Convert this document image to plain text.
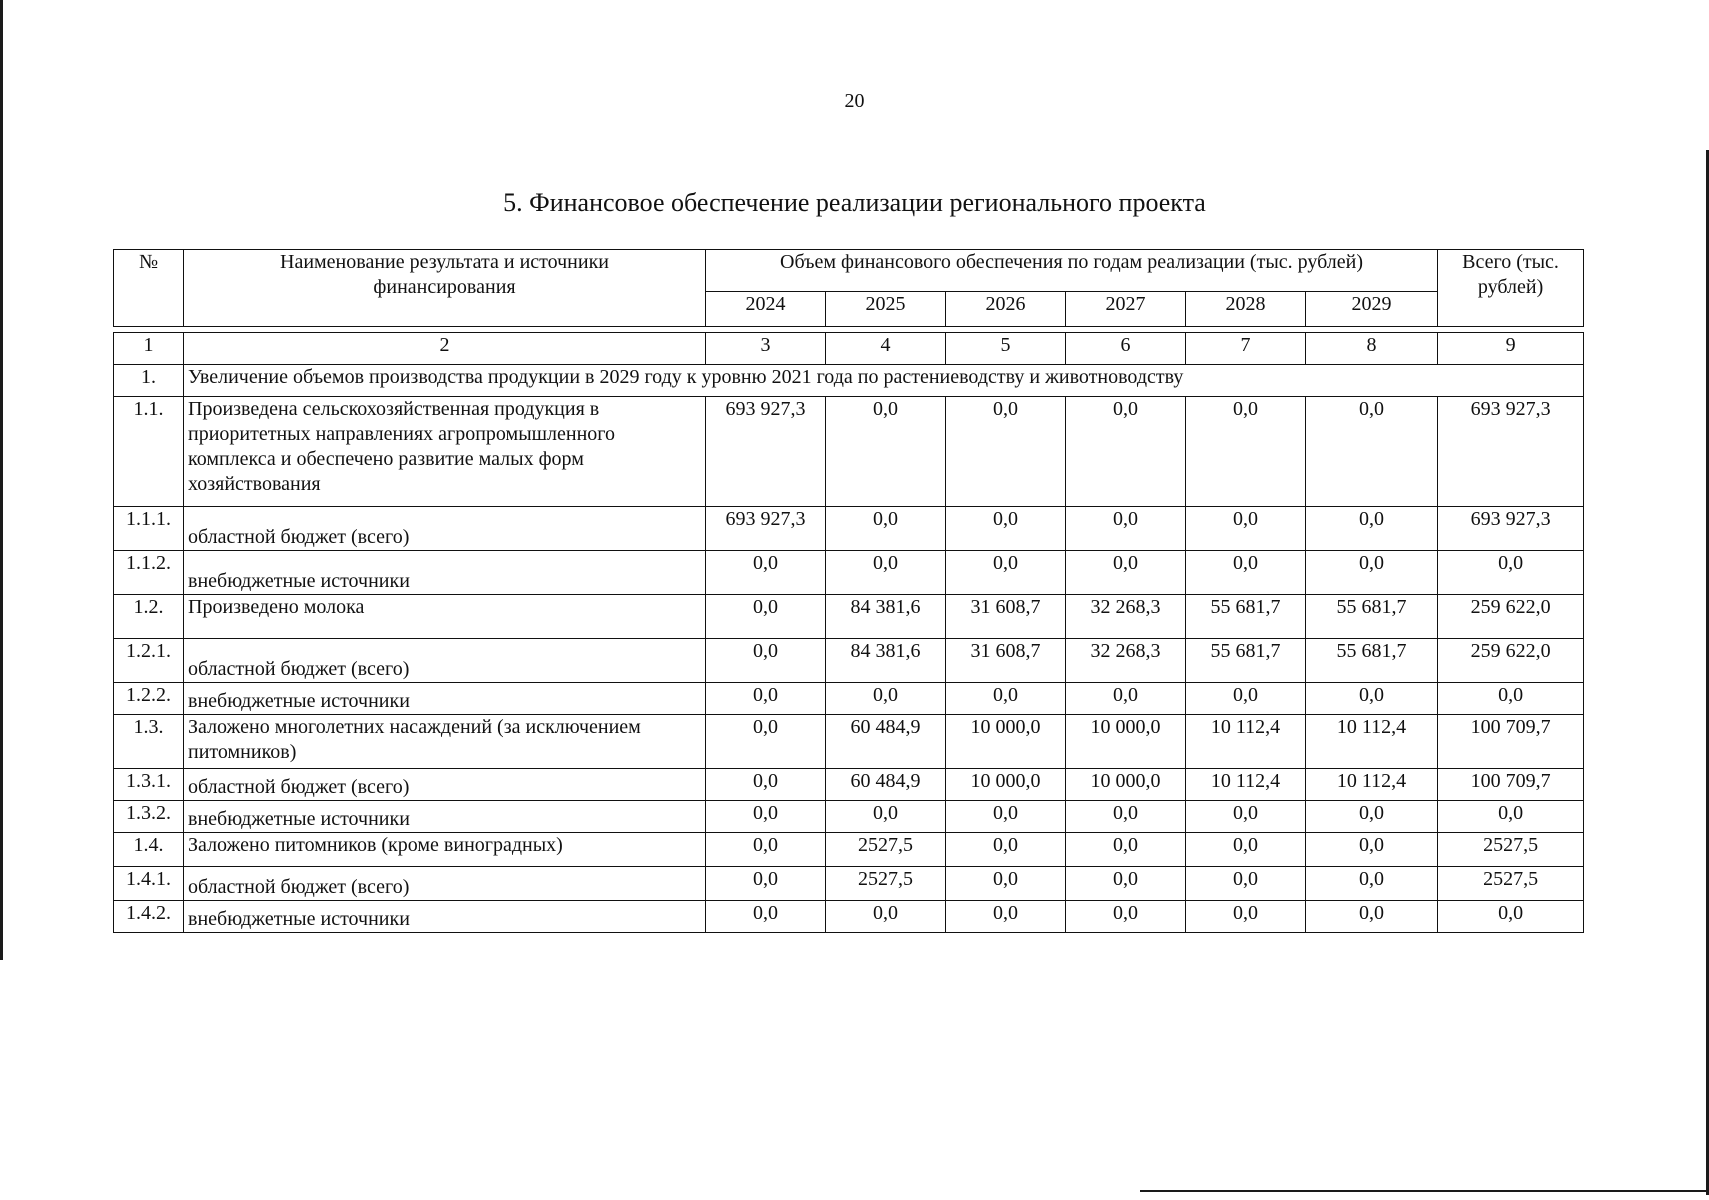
20
5. Финансовое обеспечение реализации регионального проекта
№	Наименование результата и источники финансирования	Объем финансового обеспечения по годам реализации (тыс. рублей)						Всего (тыс. рублей)
		2024	2025	2026	2027	2028	2029	

1	2	3	4	5	6	7	8	9
1.	Увеличение объемов производства продукции в 2029 году к уровню 2021 года по растениеводству и животноводству							
1.1.	Произведена сельскохозяйственная продукция в приоритетных направлениях агропромышленного комплекса и обеспечено развитие малых форм хозяйствования	693 927,3	0,0	0,0	0,0	0,0	0,0	693 927,3
1.1.1.	областной бюджет (всего)	693 927,3	0,0	0,0	0,0	0,0	0,0	693 927,3
1.1.2.	внебюджетные источники	0,0	0,0	0,0	0,0	0,0	0,0	0,0
1.2.	Произведено молока	0,0	84 381,6	31 608,7	32 268,3	55 681,7	55 681,7	259 622,0
1.2.1.	областной бюджет (всего)	0,0	84 381,6	31 608,7	32 268,3	55 681,7	55 681,7	259 622,0
1.2.2.	внебюджетные источники	0,0	0,0	0,0	0,0	0,0	0,0	0,0
1.3.	Заложено многолетних насаждений (за исключением питомников)	0,0	60 484,9	10 000,0	10 000,0	10 112,4	10 112,4	100 709,7
1.3.1.	областной бюджет (всего)	0,0	60 484,9	10 000,0	10 000,0	10 112,4	10 112,4	100 709,7
1.3.2.	внебюджетные источники	0,0	0,0	0,0	0,0	0,0	0,0	0,0
1.4.	Заложено питомников (кроме виноградных)	0,0	2527,5	0,0	0,0	0,0	0,0	2527,5
1.4.1.	областной бюджет (всего)	0,0	2527,5	0,0	0,0	0,0	0,0	2527,5
1.4.2.	внебюджетные источники	0,0	0,0	0,0	0,0	0,0	0,0	0,0
